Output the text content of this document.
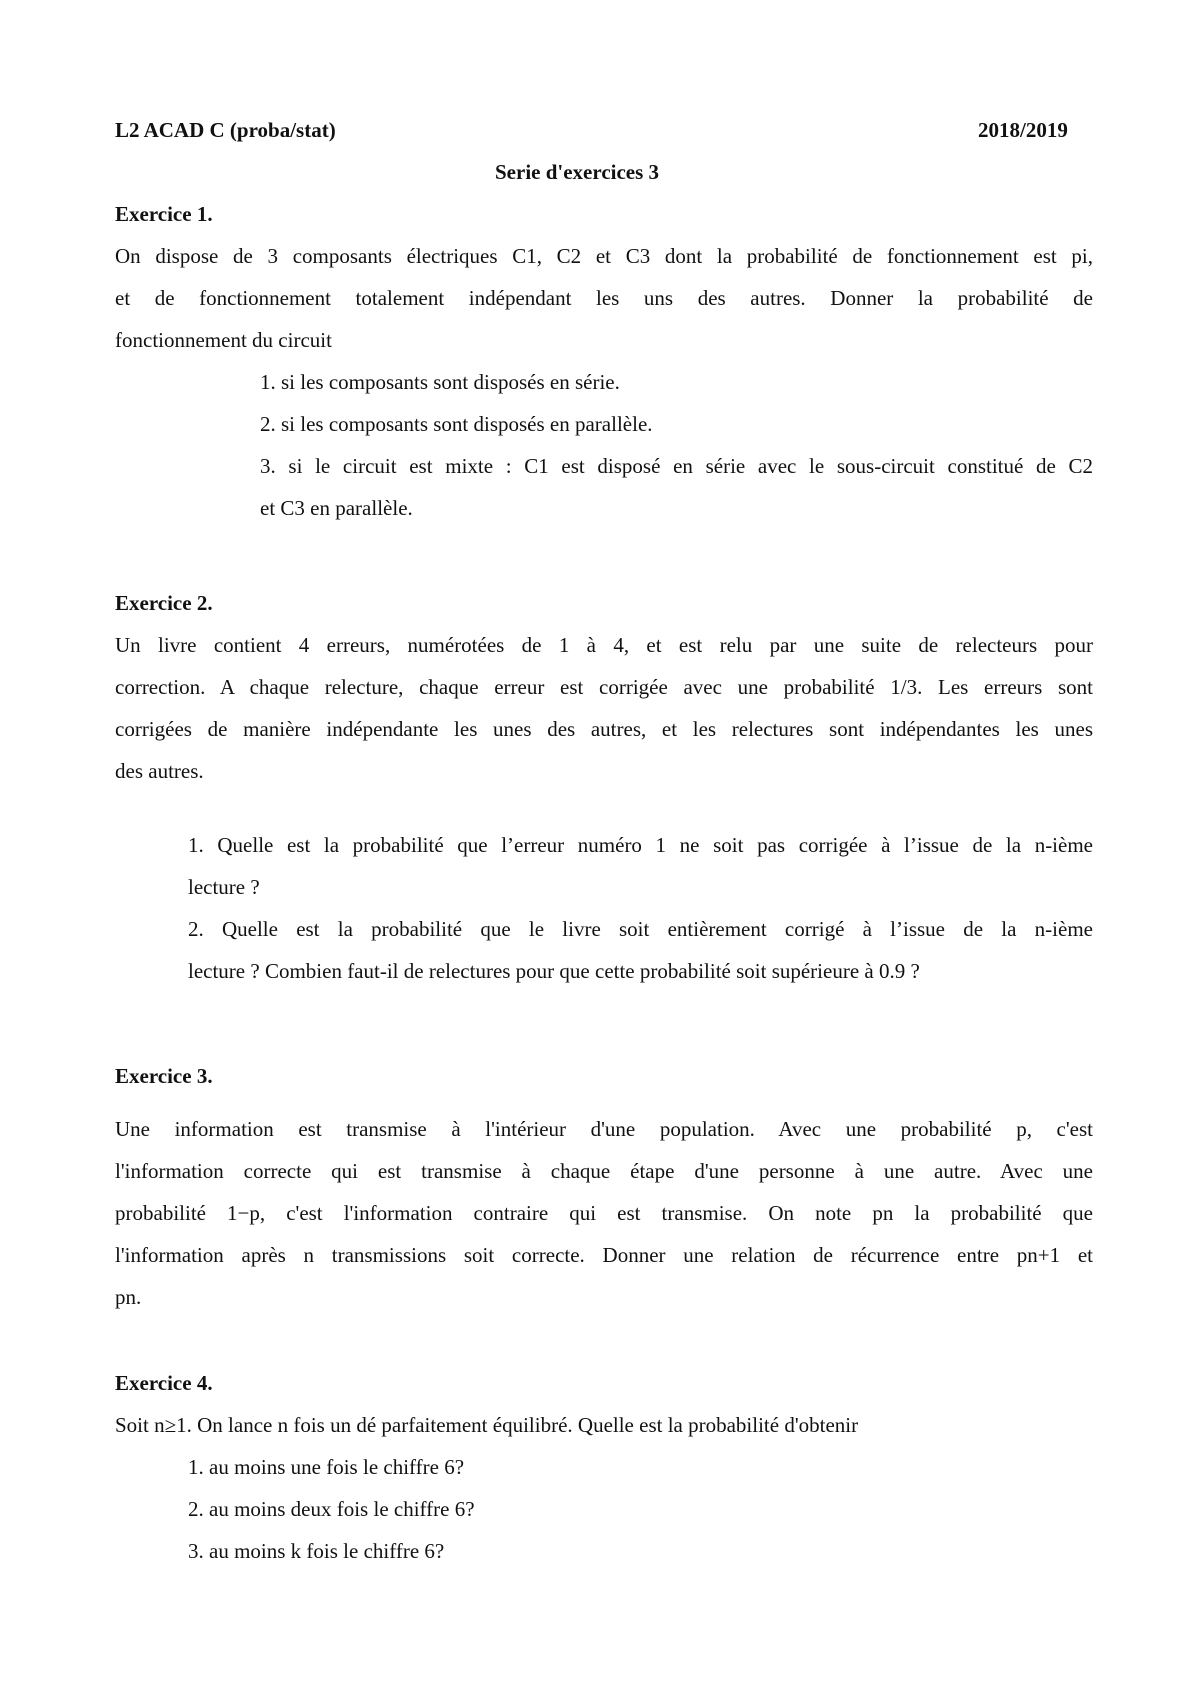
L2 ACAD C (proba/stat)	2018/2019
Serie d'exercices 3
Exercice 1.
On dispose de 3 composants électriques C1, C2 et C3 dont la probabilité de fonctionnement est pi,
et de fonctionnement totalement indépendant les uns des autres. Donner la probabilité de
fonctionnement du circuit
1. si les composants sont disposés en série.
2. si les composants sont disposés en parallèle.
3. si le circuit est mixte : C1 est disposé en série avec le sous-circuit constitué de C2
et C3 en parallèle.
Exercice 2.
Un livre contient 4 erreurs, numérotées de 1 à 4, et est relu par une suite de relecteurs pour
correction. A chaque relecture, chaque erreur est corrigée avec une probabilité 1/3. Les erreurs sont
corrigées de manière indépendante les unes des autres, et les relectures sont indépendantes les unes
des autres.
1. Quelle est la probabilité que l’erreur numéro 1 ne soit pas corrigée à l’issue de la n-ième
lecture ?
2. Quelle est la probabilité que le livre soit entièrement corrigé à l’issue de la n-ième
lecture ? Combien faut-il de relectures pour que cette probabilité soit supérieure à 0.9 ?
Exercice 3.
Une information est transmise à l'intérieur d'une population. Avec une probabilité p, c'est
l'information correcte qui est transmise à chaque étape d'une personne à une autre. Avec une
probabilité 1−p, c'est l'information contraire qui est transmise. On note pn la probabilité que
l'information après n transmissions soit correcte. Donner une relation de récurrence entre pn+1 et
pn.
Exercice 4.
Soit n≥1. On lance n fois un dé parfaitement équilibré. Quelle est la probabilité d'obtenir
1. au moins une fois le chiffre 6?
2. au moins deux fois le chiffre 6?
3. au moins k fois le chiffre 6?
